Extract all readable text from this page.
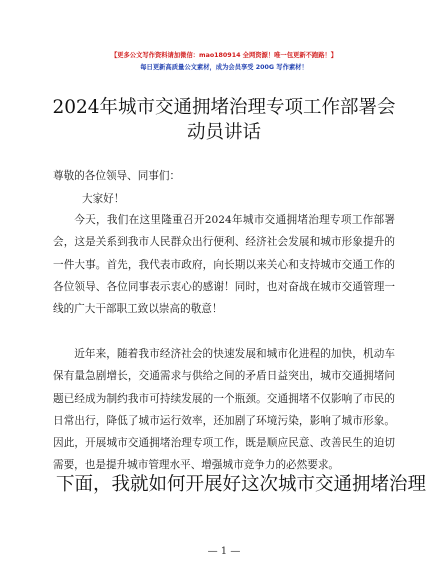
【更多公文写作资料请加微信：mao180914 全网资源！唯一包更新不跑路！】
每日更新高质量公文素材，成为会员享受 200G 写作素材！
2024年城市交通拥堵治理专项工作部署会动员讲话

尊敬的各位领导、同事们：

大家好！

今天，我们在这里隆重召开2024年城市交通拥堵治理专项工作部署会，这是关系到我市人民群众出行便利、经济社会发展和城市形象提升的一件大事。首先，我代表市政府，向长期以来关心和支持城市交通工作的各位领导、各位同事表示衷心的感谢！同时，也对奋战在城市交通管理一线的广大干部职工致以崇高的敬意！

近年来，随着我市经济社会的快速发展和城市化进程的加快，机动车保有量急剧增长，交通需求与供给之间的矛盾日益突出，城市交通拥堵问题已经成为制约我市可持续发展的一个瓶颈。交通拥堵不仅影响了市民的日常出行，降低了城市运行效率，还加剧了环境污染，影响了城市形象。因此，开展城市交通拥堵治理专项工作，既是顺应民意、改善民生的迫切需要，也是提升城市管理水平、增强城市竞争力的必然要求。

下面，我就如何开展好这次城市交通拥堵治理
— 1 —
